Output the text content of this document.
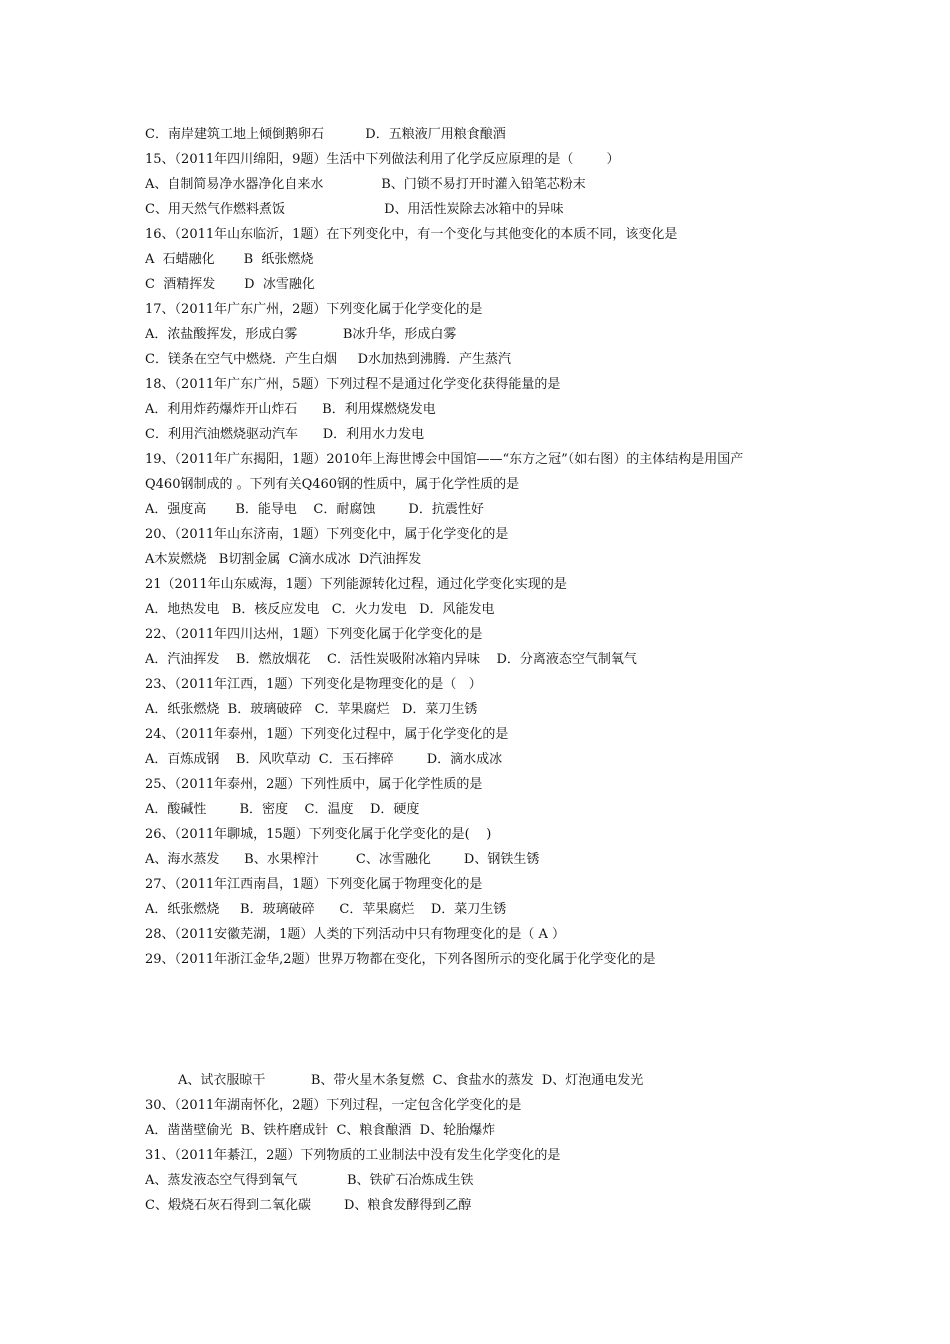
C．南岸建筑工地上倾倒鹅卵石          D．五粮液厂用粮食酿酒
15、（2011年四川绵阳，9题）生活中下列做法利用了化学反应原理的是（        ）
A、自制简易净水器净化自来水              B、门锁不易打开时灌入铅笔芯粉末
C、用天然气作燃料煮饭                        D、用活性炭除去冰箱中的异味
16、（2011年山东临沂，1题）在下列变化中，有一个变化与其他变化的本质不同，该变化是
A  石蜡融化       B  纸张燃烧
C  酒精挥发       D  冰雪融化
17、（2011年广东广州，2题）下列变化属于化学变化的是
A．浓盐酸挥发，形成白雾           B冰升华，形成白雾
C．镁条在空气中燃烧．产生白烟     D水加热到沸腾．产生蒸汽
18、（2011年广东广州，5题）下列过程不是通过化学变化获得能量的是
A．利用炸药爆炸开山炸石      B．利用煤燃烧发电
C．利用汽油燃烧驱动汽车      D．利用水力发电
19、（2011年广东揭阳，1题）2010年上海世博会中国馆——“东方之冠”（如右图）的主体结构是用国产
Q460钢制成的 。下列有关Q460钢的性质中，属于化学性质的是
A．强度高       B．能导电    C．耐腐蚀        D．抗震性好
20、（2011年山东济南，1题）下列变化中，属于化学变化的是
A木炭燃烧   B切割金属  C滴水成冰  D汽油挥发
21（2011年山东威海，1题）下列能源转化过程，通过化学变化实现的是
A．地热发电   B．核反应发电   C．火力发电   D．风能发电
22、（2011年四川达州，1题）下列变化属于化学变化的是
A．汽油挥发    B．燃放烟花    C．活性炭吸附冰箱内异味    D．分离液态空气制氧气
23、（2011年江西，1题）下列变化是物理变化的是（   ）
A．纸张燃烧  B．玻璃破碎   C．苹果腐烂   D．菜刀生锈
24、（2011年泰州，1题）下列变化过程中，属于化学变化的是
A．百炼成钢    B．风吹草动  C．玉石摔碎        D．滴水成冰
25、（2011年泰州，2题）下列性质中，属于化学性质的是
A．酸碱性        B．密度    C．温度    D．硬度
26、（2011年聊城，15题）下列变化属于化学变化的是(    )
A、海水蒸发      B、水果榨汁         C、冰雪融化        D、钢铁生锈
27、（2011年江西南昌，1题）下列变化属于物理变化的是
A．纸张燃烧     B．玻璃破碎      C．苹果腐烂    D．菜刀生锈
28、（2011安徽芜湖，1题）人类的下列活动中只有物理变化的是（ A ）
29、（2011年浙江金华,2题）世界万物都在变化，下列各图所示的变化属于化学变化的是
A、试衣服晾干           B、带火星木条复燃  C、食盐水的蒸发  D、灯泡通电发光
30、（2011年湖南怀化，2题）下列过程，一定包含化学变化的是
A．凿凿壁偷光  B、铁杵磨成针  C、粮食酿酒  D、轮胎爆炸
31、（2011年綦江，2题）下列物质的工业制法中没有发生化学变化的是
A、蒸发液态空气得到氧气            B、铁矿石冶炼成生铁
C、煅烧石灰石得到二氧化碳        D、粮食发酵得到乙醇
